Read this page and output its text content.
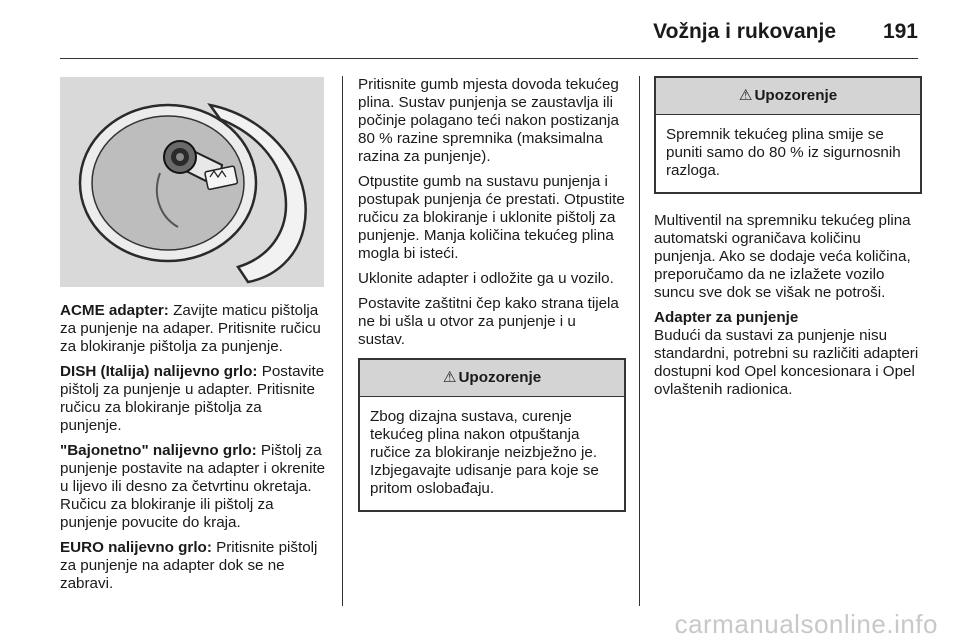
Vožnja i rukovanje 191

ACME adapter: Zavijte maticu pištolja za punjenje na adaper. Pritisnite ručicu za blokiranje pištolja za punjenje.

DISH (Italija) nalijevno grlo: Postavite pištolj za punjenje u adapter. Pritisnite ručicu za blokiranje pištolja za punjenje.

"Bajonetno" nalijevno grlo: Pištolj za punjenje postavite na adapter i okrenite u lijevo ili desno za četvrtinu okretaja. Ručicu za blokiranje ili pištolj za punjenje povucite do kraja.

EURO nalijevno grlo: Pritisnite pištolj za punjenje na adapter dok se ne zabravi.

Pritisnite gumb mjesta dovoda tekućeg plina. Sustav punjenja se zaustavlja ili počinje polagano teći nakon postizanja 80 % razine spremnika (maksimalna razina za punjenje).

Otpustite gumb na sustavu punjenja i postupak punjenja će prestati. Otpustite ručicu za blokiranje i uklonite pištolj za punjenje. Manja količina tekućeg plina mogla bi isteći.

Uklonite adapter i odložite ga u vozilo.

Postavite zaštitni čep kako strana tijela ne bi ušla u otvor za punjenje i u sustav.

⚠ Upozorenje
Zbog dizajna sustava, curenje tekućeg plina nakon otpuštanja ručice za blokiranje neizbježno je. Izbjegavajte udisanje para koje se pritom oslobađaju.
⚠ Upozorenje
Spremnik tekućeg plina smije se puniti samo do 80 % iz sigurnosnih razloga.

Multiventil na spremniku tekućeg plina automatski ograničava količinu punjenja. Ako se dodaje veća količina, preporučamo da ne izlažete vozilo suncu sve dok se višak ne potroši.

Adapter za punjenje

Budući da sustavi za punjenje nisu standardni, potrebni su različiti adapteri dostupni kod Opel koncesionara i Opel ovlaštenih radionica.

carmanualsonline.info
